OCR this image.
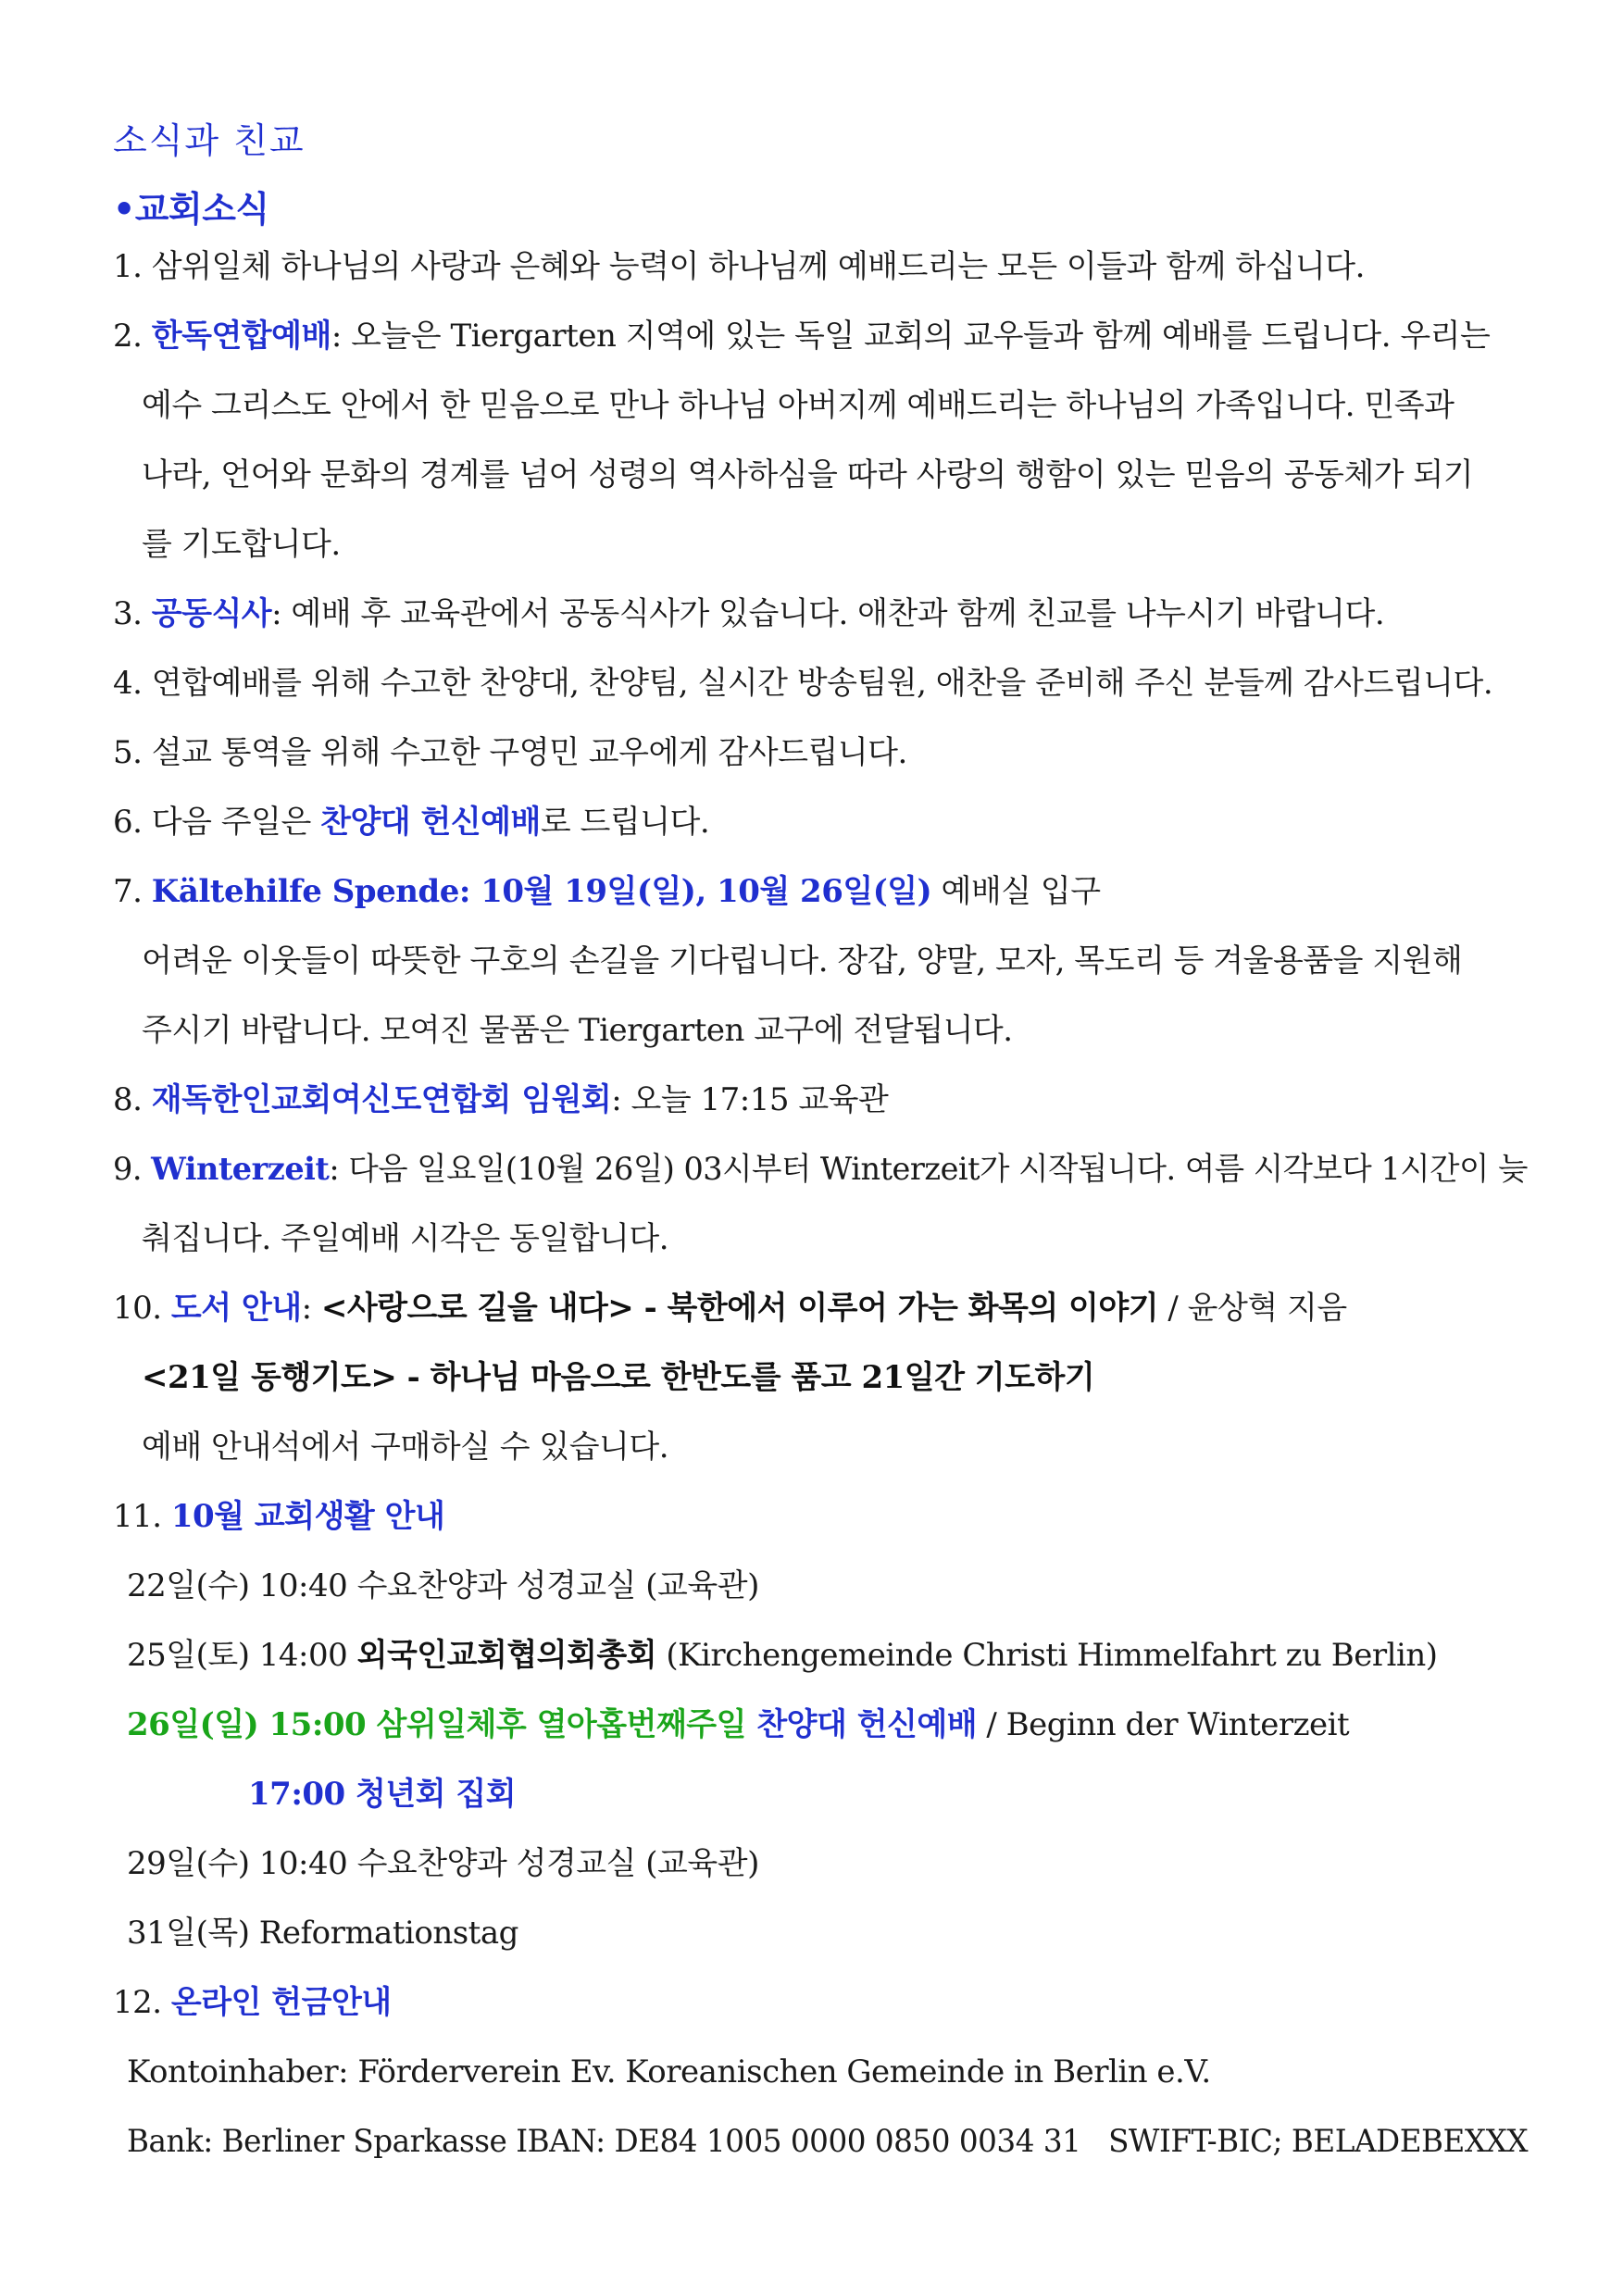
소식과 친교
•교회소식
1. 삼위일체 하나님의 사랑과 은혜와 능력이 하나님께 예배드리는 모든 이들과 함께 하십니다.
2. 한독연합예배: 오늘은 Tiergarten 지역에 있는 독일 교회의 교우들과 함께 예배를 드립니다. 우리는
예수 그리스도 안에서 한 믿음으로 만나 하나님 아버지께 예배드리는 하나님의 가족입니다. 민족과
나라, 언어와 문화의 경계를 넘어 성령의 역사하심을 따라 사랑의 행함이 있는 믿음의 공동체가 되기
를 기도합니다.
3. 공동식사: 예배 후 교육관에서 공동식사가 있습니다. 애찬과 함께 친교를 나누시기 바랍니다.
4. 연합예배를 위해 수고한 찬양대, 찬양팀, 실시간 방송팀원, 애찬을 준비해 주신 분들께 감사드립니다.
5. 설교 통역을 위해 수고한 구영민 교우에게 감사드립니다.
6. 다음 주일은 찬양대 헌신예배로 드립니다.
7. Kältehilfe Spende: 10월 19일(일), 10월 26일(일) 예배실 입구
어려운 이웃들이 따뜻한 구호의 손길을 기다립니다. 장갑, 양말, 모자, 목도리 등 겨울용품을 지원해
주시기 바랍니다. 모여진 물품은 Tiergarten 교구에 전달됩니다.
8. 재독한인교회여신도연합회 임원회: 오늘 17:15 교육관
9. Winterzeit: 다음 일요일(10월 26일) 03시부터 Winterzeit가 시작됩니다. 여름 시각보다 1시간이 늦
춰집니다. 주일예배 시각은 동일합니다.
10. 도서 안내: <사랑으로 길을 내다> - 북한에서 이루어 가는 화목의 이야기 / 윤상혁 지음
<21일 동행기도> - 하나님 마음으로 한반도를 품고 21일간 기도하기
예배 안내석에서 구매하실 수 있습니다.
11. 10월 교회생활 안내
22일(수) 10:40 수요찬양과 성경교실 (교육관)
25일(토) 14:00 외국인교회협의회총회 (Kirchengemeinde Christi Himmelfahrt zu Berlin)
26일(일) 15:00 삼위일체후 열아홉번째주일 찬양대 헌신예배 / Beginn der Winterzeit
17:00 청년회 집회
29일(수) 10:40 수요찬양과 성경교실 (교육관)
31일(목) Reformationstag
12. 온라인 헌금안내
Kontoinhaber: Förderverein Ev. Koreanischen Gemeinde in Berlin e.V.
Bank: Berliner Sparkasse IBAN: DE84 1005 0000 0850 0034 31   SWIFT-BIC; BELADEBEXXX
